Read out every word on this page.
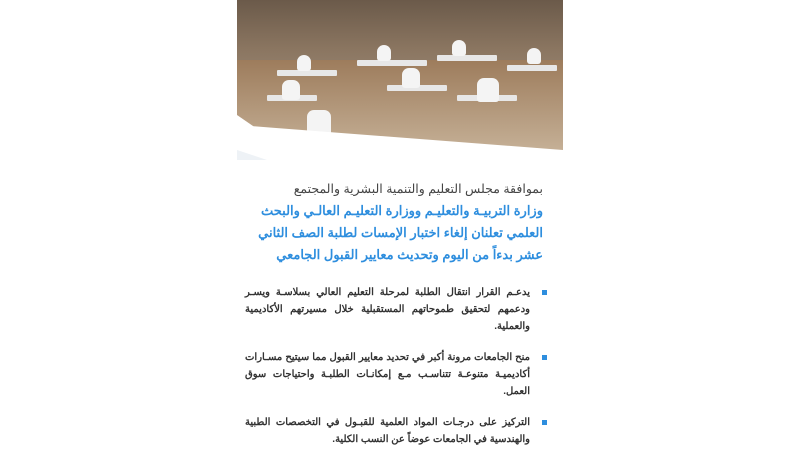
بموافقة مجلس التعليم والتنمية البشرية والمجتمع
وزارة التربيـة والتعليـم ووزارة التعليـم العالـي والبحث
العلمي تعلنان إلغاء اختبار الإمسات لطلبة الصف الثاني
عشر بدءاً من اليوم وتحديث معايير القبول الجامعي
يدعـم القرار انتقال الطلبة لمرحلة التعليم العالي بسلاسـة ويسـر ودعمهم لتحقيق طموحاتهم المستقبلية خلال مسيرتهم الأكاديمية والعملية.
منح الجامعات مرونة أكبر في تحديد معايير القبول مما سيتيح مسـارات أكاديميـة متنوعـة تتناسـب مـع إمكانـات الطلبـة واحتياجات سوق العمل.
التركيز على درجـات المواد العلمية للقبـول في التخصصات الطبية والهندسية في الجامعات عوضاً عن النسب الكلية.
